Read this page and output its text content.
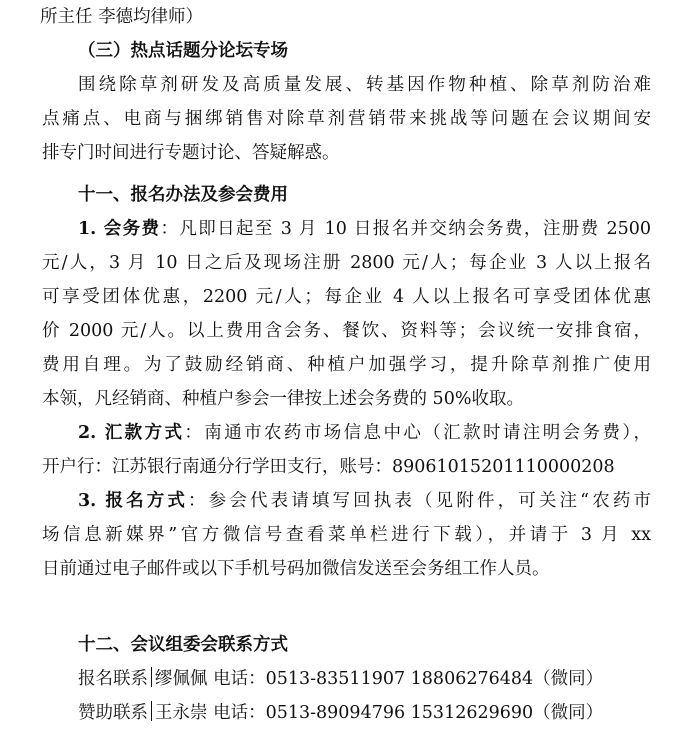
所主任 李德均律师）
（三）热点话题分论坛专场
围绕除草剂研发及高质量发展、转基因作物种植、除草剂防治难
点痛点、电商与捆绑销售对除草剂营销带来挑战等问题在会议期间安
排专门时间进行专题讨论、答疑解惑。
十一、报名办法及参会费用
1. 会务费：凡即日起至 3 月 10 日报名并交纳会务费，注册费 2500
元/人，3 月 10 日之后及现场注册 2800 元/人；每企业 3 人以上报名
可享受团体优惠，2200 元/人；每企业 4 人以上报名可享受团体优惠
价 2000 元/人。以上费用含会务、餐饮、资料等；会议统一安排食宿，
费用自理。为了鼓励经销商、种植户加强学习，提升除草剂推广使用
本领，凡经销商、种植户参会一律按上述会务费的 50%收取。
2. 汇款方式：南通市农药市场信息中心（汇款时请注明会务费），
开户行：江苏银行南通分行学田支行，账号：89061015201110000208
3. 报名方式：参会代表请填写回执表（见附件，可关注“农药市
场信息新媒界”官方微信号查看菜单栏进行下载），并请于 3 月 xx
日前通过电子邮件或以下手机号码加微信发送至会务组工作人员。
十二、会议组委会联系方式
报名联系 缪佩佩 电话：0513-83511907 18806276484（微同）
赞助联系 王永崇 电话：0513-89094796 15312629690（微同）
